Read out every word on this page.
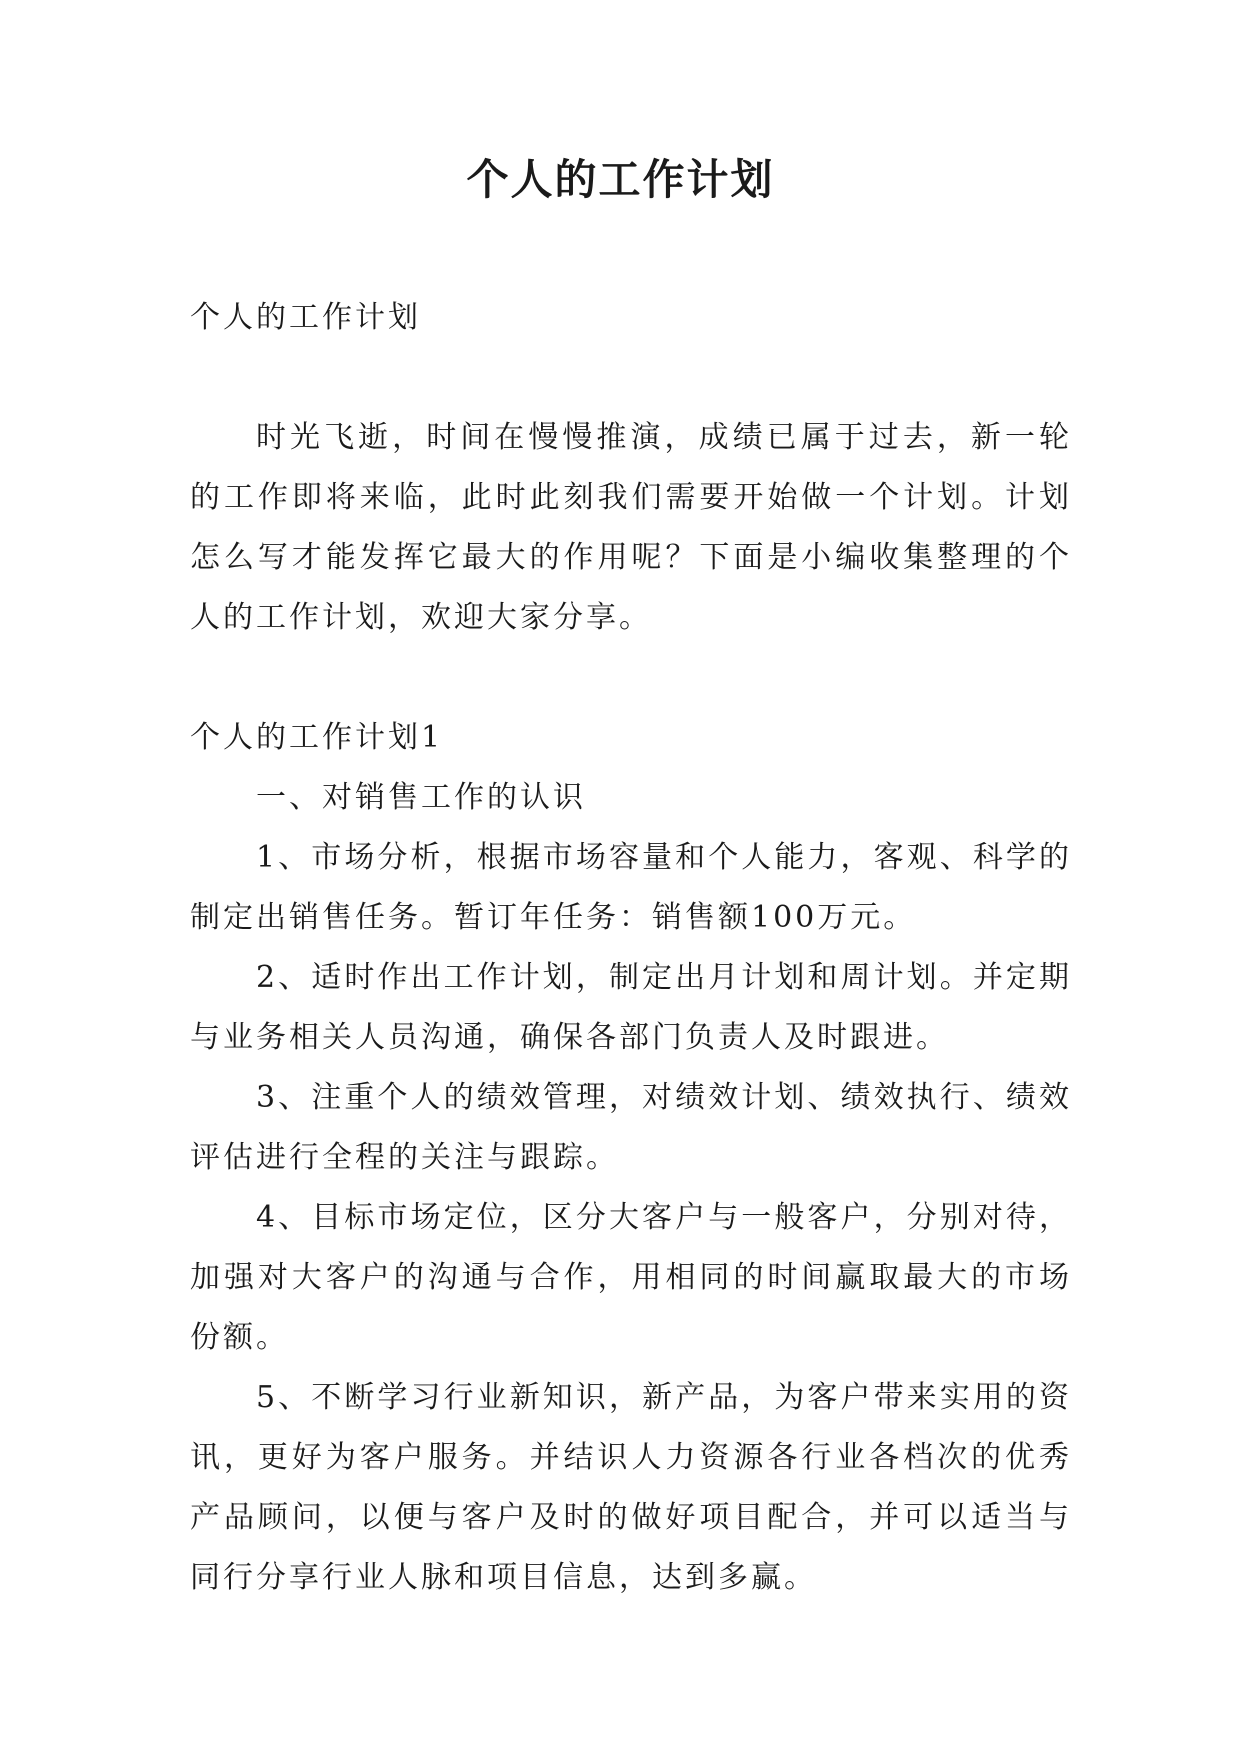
个人的工作计划

个人的工作计划

时光飞逝，时间在慢慢推演，成绩已属于过去，新一轮的工作即将来临，此时此刻我们需要开始做一个计划。计划怎么写才能发挥它最大的作用呢？下面是小编收集整理的个人的工作计划，欢迎大家分享。

个人的工作计划1

一、对销售工作的认识

1、市场分析，根据市场容量和个人能力，客观、科学的制定出销售任务。暂订年任务：销售额100万元。

2、适时作出工作计划，制定出月计划和周计划。并定期与业务相关人员沟通，确保各部门负责人及时跟进。

3、注重个人的绩效管理，对绩效计划、绩效执行、绩效评估进行全程的关注与跟踪。

4、目标市场定位，区分大客户与一般客户，分别对待，加强对大客户的沟通与合作，用相同的时间赢取最大的市场份额。

5、不断学习行业新知识，新产品，为客户带来实用的资讯，更好为客户服务。并结识人力资源各行业各档次的优秀产品顾问，以便与客户及时的做好项目配合，并可以适当与同行分享行业人脉和项目信息，达到多赢。
